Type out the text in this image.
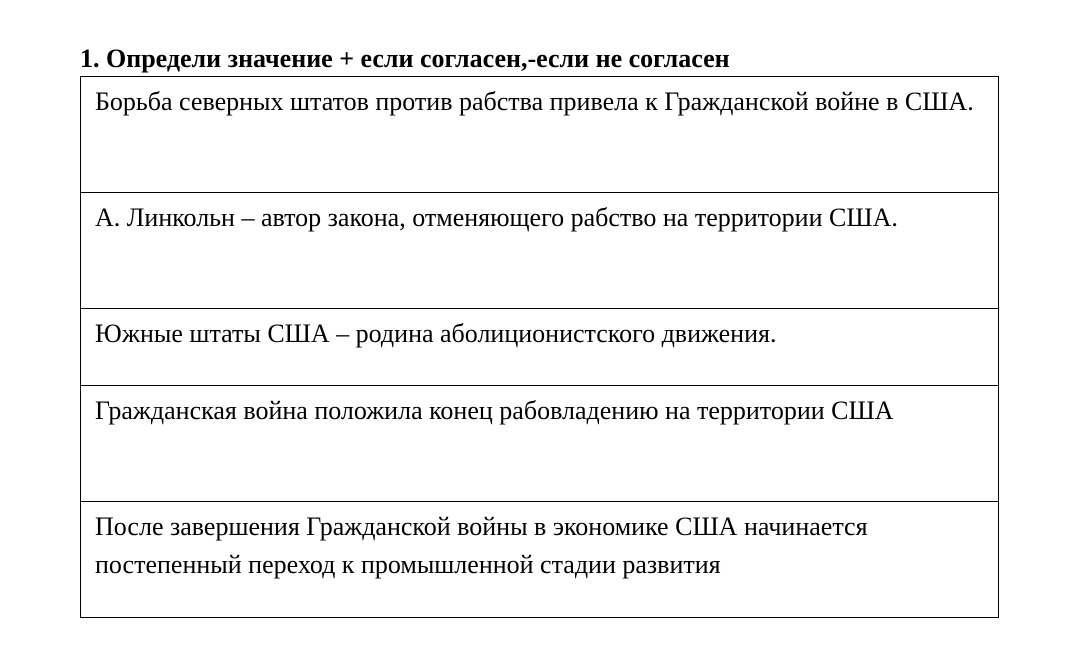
1. Определи значение + если согласен,-если не согласен
Борьба северных штатов против рабства привела к Гражданской войне в США.
А. Линкольн – автор закона, отменяющего рабство на территории США.
Южные штаты США – родина аболиционистского движения.
Гражданская война положила конец рабовладению на территории США
После завершения Гражданской войны в экономике США начинается постепенный переход к промышленной стадии развития
